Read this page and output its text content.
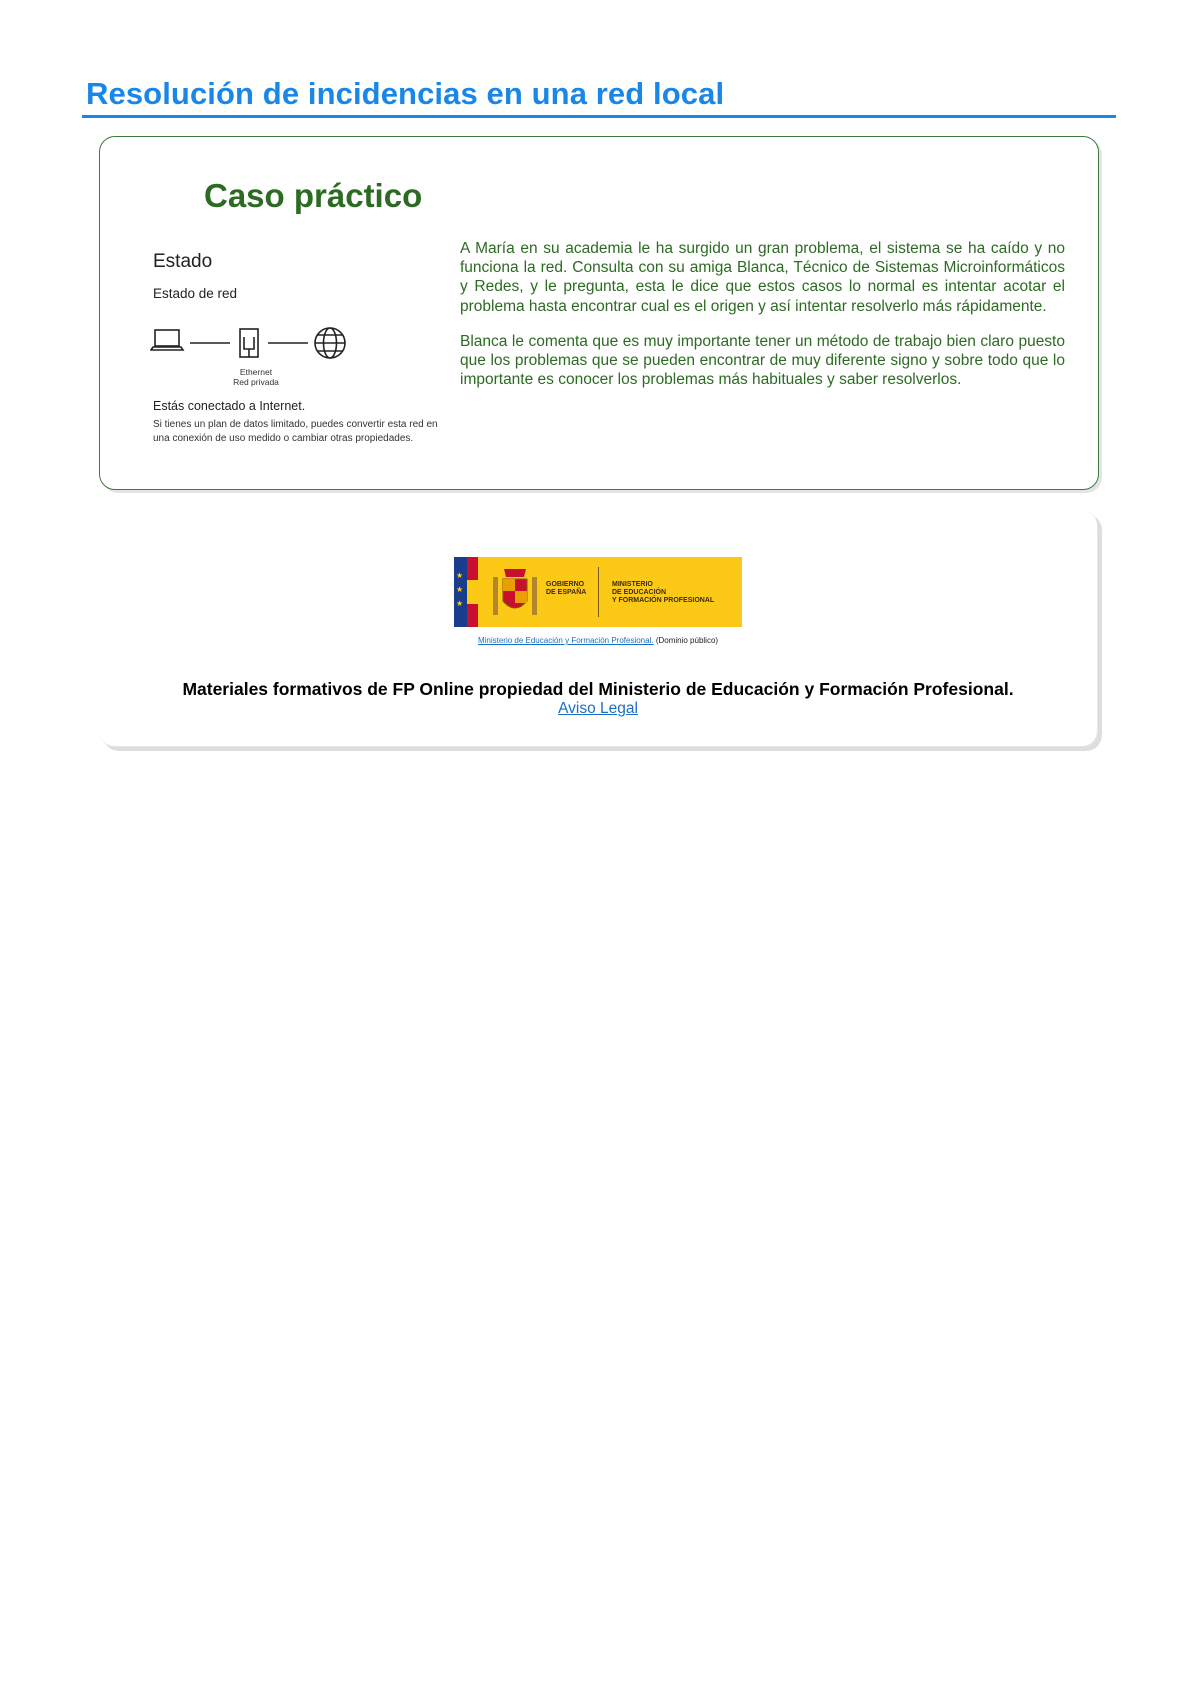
Resolución de incidencias en una red local
Caso práctico
Estado
Estado de red
Ethernet
Red privada
Estás conectado a Internet.
Si tienes un plan de datos limitado, puedes convertir esta red en una conexión de uso medido o cambiar otras propiedades.

A María en su academia le ha surgido un gran problema, el sistema se ha caído y no funciona la red. Consulta con su amiga Blanca, Técnico de Sistemas Microinformáticos y Redes, y le pregunta, esta le dice que estos casos lo normal es intentar acotar el problema hasta encontrar cual es el origen y así intentar resolverlo más rápidamente.

Blanca le comenta que es muy importante tener un método de trabajo bien claro puesto que los problemas que se pueden encontrar de muy diferente signo y sobre todo que lo importante es conocer los problemas más habituales y saber resolverlos.

★
★
★
GOBIERNO
DE ESPAÑA
MINISTERIO
DE EDUCACIÓN
Y FORMACIÓN PROFESIONAL
Ministerio de Educación y Formación Profesional. (Dominio público)
Materiales formativos de FP Online propiedad del Ministerio de Educación y Formación Profesional.
Aviso Legal
